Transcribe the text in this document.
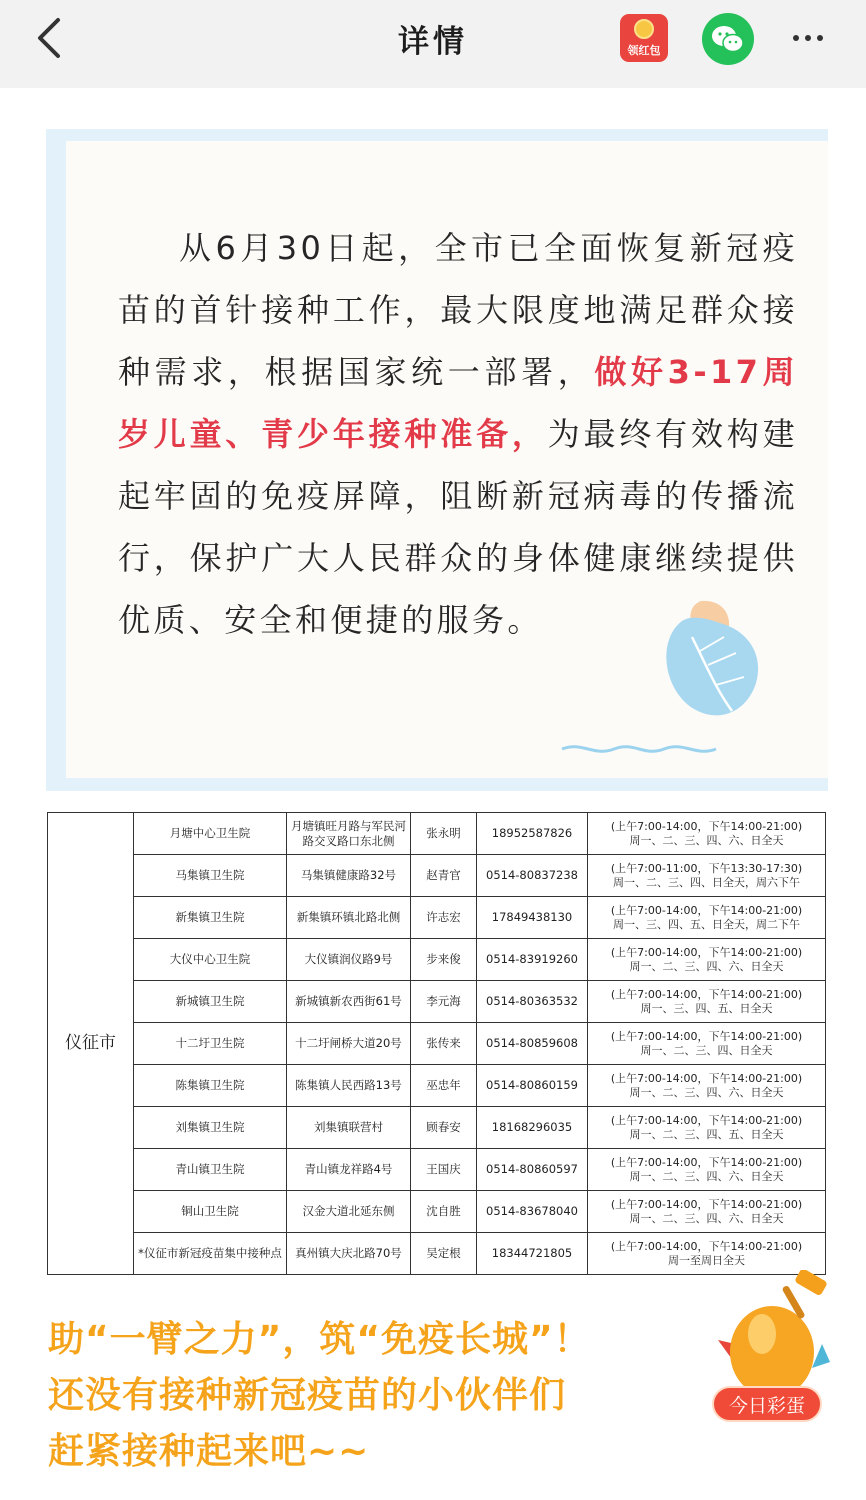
详情	领红包

从6月30日起，全市已全面恢复新冠疫苗的首针接种工作，最大限度地满足群众接种需求，根据国家统一部署，做好3-17周岁儿童、青少年接种准备，为最终有效构建起牢固的免疫屏障，阻断新冠病毒的传播流行，保护广大人民群众的身体健康继续提供优质、安全和便捷的服务。

仪征市	月塘中心卫生院	月塘镇旺月路与军民河路交叉路口东北侧	张永明	18952587826	(上午7:00-14:00，下午14:00-21:00)
周一、二、三、四、六、日全天

	马集镇卫生院	马集镇健康路32号	赵青官	0514-80837238	(上午7:00-11:00，下午13:30-17:30)
周一、二、三、四、日全天，周六下午

	新集镇卫生院	新集镇环镇北路北侧	许志宏	17849438130	(上午7:00-14:00，下午14:00-21:00)
周一、三、四、五、日全天，周二下午

	大仪中心卫生院	大仪镇润仪路9号	步来俊	0514-83919260	(上午7:00-14:00，下午14:00-21:00)
周一、二、三、四、六、日全天

	新城镇卫生院	新城镇新农西街61号	李元海	0514-80363532	(上午7:00-14:00，下午14:00-21:00)
周一、三、四、五、日全天

	十二圩卫生院	十二圩闸桥大道20号	张传来	0514-80859608	(上午7:00-14:00，下午14:00-21:00)
周一、二、三、四、日全天

	陈集镇卫生院	陈集镇人民西路13号	巫忠年	0514-80860159	(上午7:00-14:00，下午14:00-21:00)
周一、二、三、四、六、日全天

	刘集镇卫生院	刘集镇联营村	顾春安	18168296035	(上午7:00-14:00，下午14:00-21:00)
周一、二、三、四、五、日全天

	青山镇卫生院	青山镇龙祥路4号	王国庆	0514-80860597	(上午7:00-14:00，下午14:00-21:00)
周一、二、三、四、六、日全天

	铜山卫生院	汉金大道北延东侧	沈自胜	0514-83678040	(上午7:00-14:00，下午14:00-21:00)
周一、二、三、四、六、日全天

	*仪征市新冠疫苗集中接种点	真州镇大庆北路70号	吴定根	18344721805	(上午7:00-14:00，下午14:00-21:00)
周一至周日全天
助“一臂之力”，筑“免疫长城”！
还没有接种新冠疫苗的小伙伴们
赶紧接种起来吧~~
今日彩蛋
